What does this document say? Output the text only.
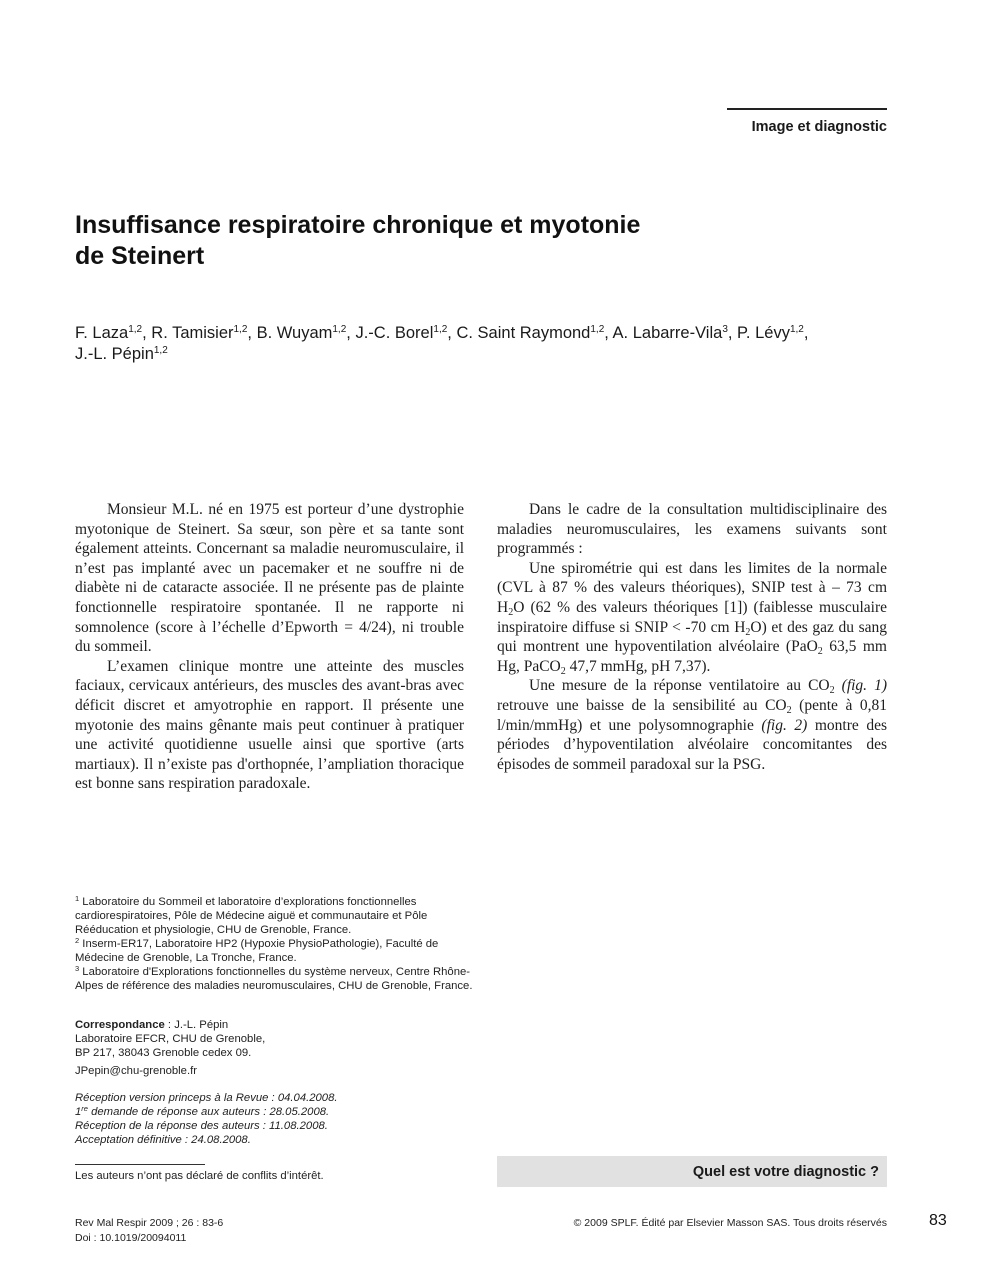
Image et diagnostic
Insuffisance respiratoire chronique et myotonie
de Steinert
F. Laza$^{1,2}$, R. Tamisier$^{1,2}$, B. Wuyam$^{1,2}$, J.-C. Borel$^{1,2}$, C. Saint Raymond$^{1,2}$, A. Labarre-Vila$^3$, P. Lévy$^{1,2}$,
J.-L. Pépin$^{1,2}$

Monsieur M.L. né en 1975 est porteur d’une dystrophie myotonique de Steinert. Sa sœur, son père et sa tante sont également atteints. Concernant sa maladie neuromusculaire, il n’est pas implanté avec un pacemaker et ne souffre ni de diabète ni de cataracte associée. Il ne présente pas de plainte fonctionnelle respiratoire spontanée. Il ne rapporte ni somnolence (score à l’échelle d’Epworth = 4/24), ni trouble du sommeil.

L’examen clinique montre une atteinte des muscles faciaux, cervicaux antérieurs, des muscles des avant-bras avec déficit discret et amyotrophie en rapport. Il présente une myotonie des mains gênante mais peut continuer à pratiquer une activité quotidienne usuelle ainsi que sportive (arts martiaux). Il n’existe pas d'orthopnée, l’ampliation thoracique est bonne sans respiration paradoxale.

Dans le cadre de la consultation multidisciplinaire des maladies neuromusculaires, les examens suivants sont programmés :

Une spirométrie qui est dans les limites de la normale (CVL à 87 % des valeurs théoriques), SNIP test à – 73 cm $H_2O$ (62 % des valeurs théoriques [1]) (faiblesse musculaire inspiratoire diffuse si SNIP < -70 cm $H_2O$) et des gaz du sang qui montrent une hypoventilation alvéolaire (PaO$_2$ 63,5 mm Hg, PaCO$_2$ 47,7 mmHg, pH 7,37).

Une mesure de la réponse ventilatoire au $CO_2$ (fig. 1) retrouve une baisse de la sensibilité au $CO_2$ (pente à 0,81 l/min/mmHg) et une polysomnographie (fig. 2) montre des périodes d’hypoventilation alvéolaire concomitantes des épisodes de sommeil paradoxal sur la PSG.

$^1$ Laboratoire du Sommeil et laboratoire d’explorations fonctionnelles cardiorespiratoires, Pôle de Médecine aiguë et communautaire et Pôle Rééducation et physiologie, CHU de Grenoble, France.

$^2$ Inserm-ER17, Laboratoire HP2 (Hypoxie PhysioPathologie), Faculté de Médecine de Grenoble, La Tronche, France.

$^3$ Laboratoire d'Explorations fonctionnelles du système nerveux, Centre Rhône-Alpes de référence des maladies neuromusculaires, CHU de Grenoble, France.

Correspondance : J.-L. Pépin

Laboratoire EFCR, CHU de Grenoble,

BP 217, 38043 Grenoble cedex 09.

JPepin@chu-grenoble.fr

Réception version princeps à la Revue : 04.04.2008.

1re demande de réponse aux auteurs : 28.05.2008.

Réception de la réponse des auteurs : 11.08.2008.

Acceptation définitive : 24.08.2008.

Les auteurs n’ont pas déclaré de conflits d’intérêt.	Quel est votre diagnostic ?

Rev Mal Respir 2009 ; 26 : 83-6

Doi : 10.1019/20094011

© 2009 SPLF. Édité par Elsevier Masson SAS. Tous droits réservés	83
